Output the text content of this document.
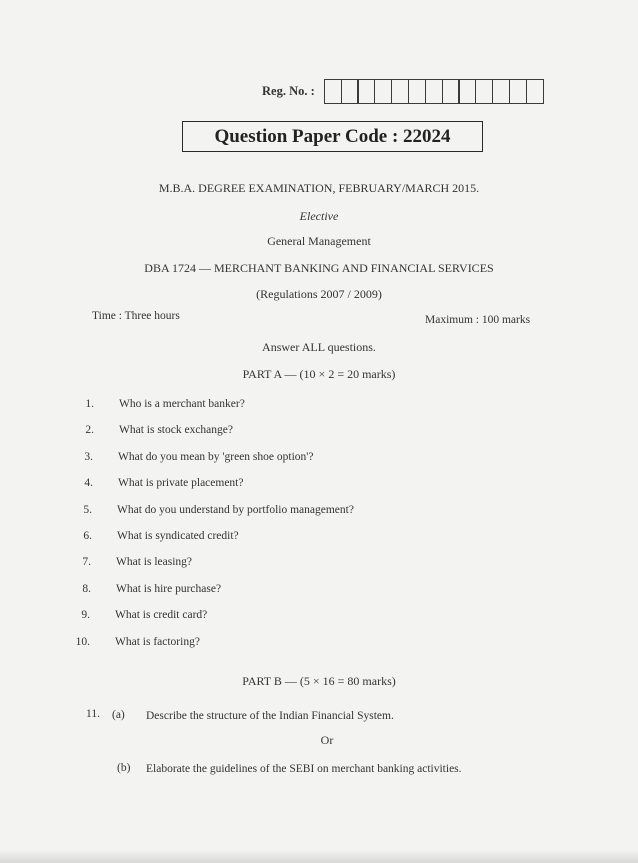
Reg. No. :
Question Paper Code : 22024
M.B.A. DEGREE EXAMINATION, FEBRUARY/MARCH 2015.
Elective
General Management
DBA 1724 — MERCHANT BANKING AND FINANCIAL SERVICES
(Regulations 2007 / 2009)
Time : Three hours	Maximum : 100 marks
Answer ALL questions.
PART A — (10 × 2 = 20 marks)
1. Who is a merchant banker?
2. What is stock exchange?
3. What do you mean by 'green shoe option'?
4. What is private placement?
5. What do you understand by portfolio management?
6. What is syndicated credit?
7. What is leasing?
8. What is hire purchase?
9. What is credit card?
10. What is factoring?
PART B — (5 × 16 = 80 marks)
11. (a) Describe the structure of the Indian Financial System.
Or
(b) Elaborate the guidelines of the SEBI on merchant banking activities.
